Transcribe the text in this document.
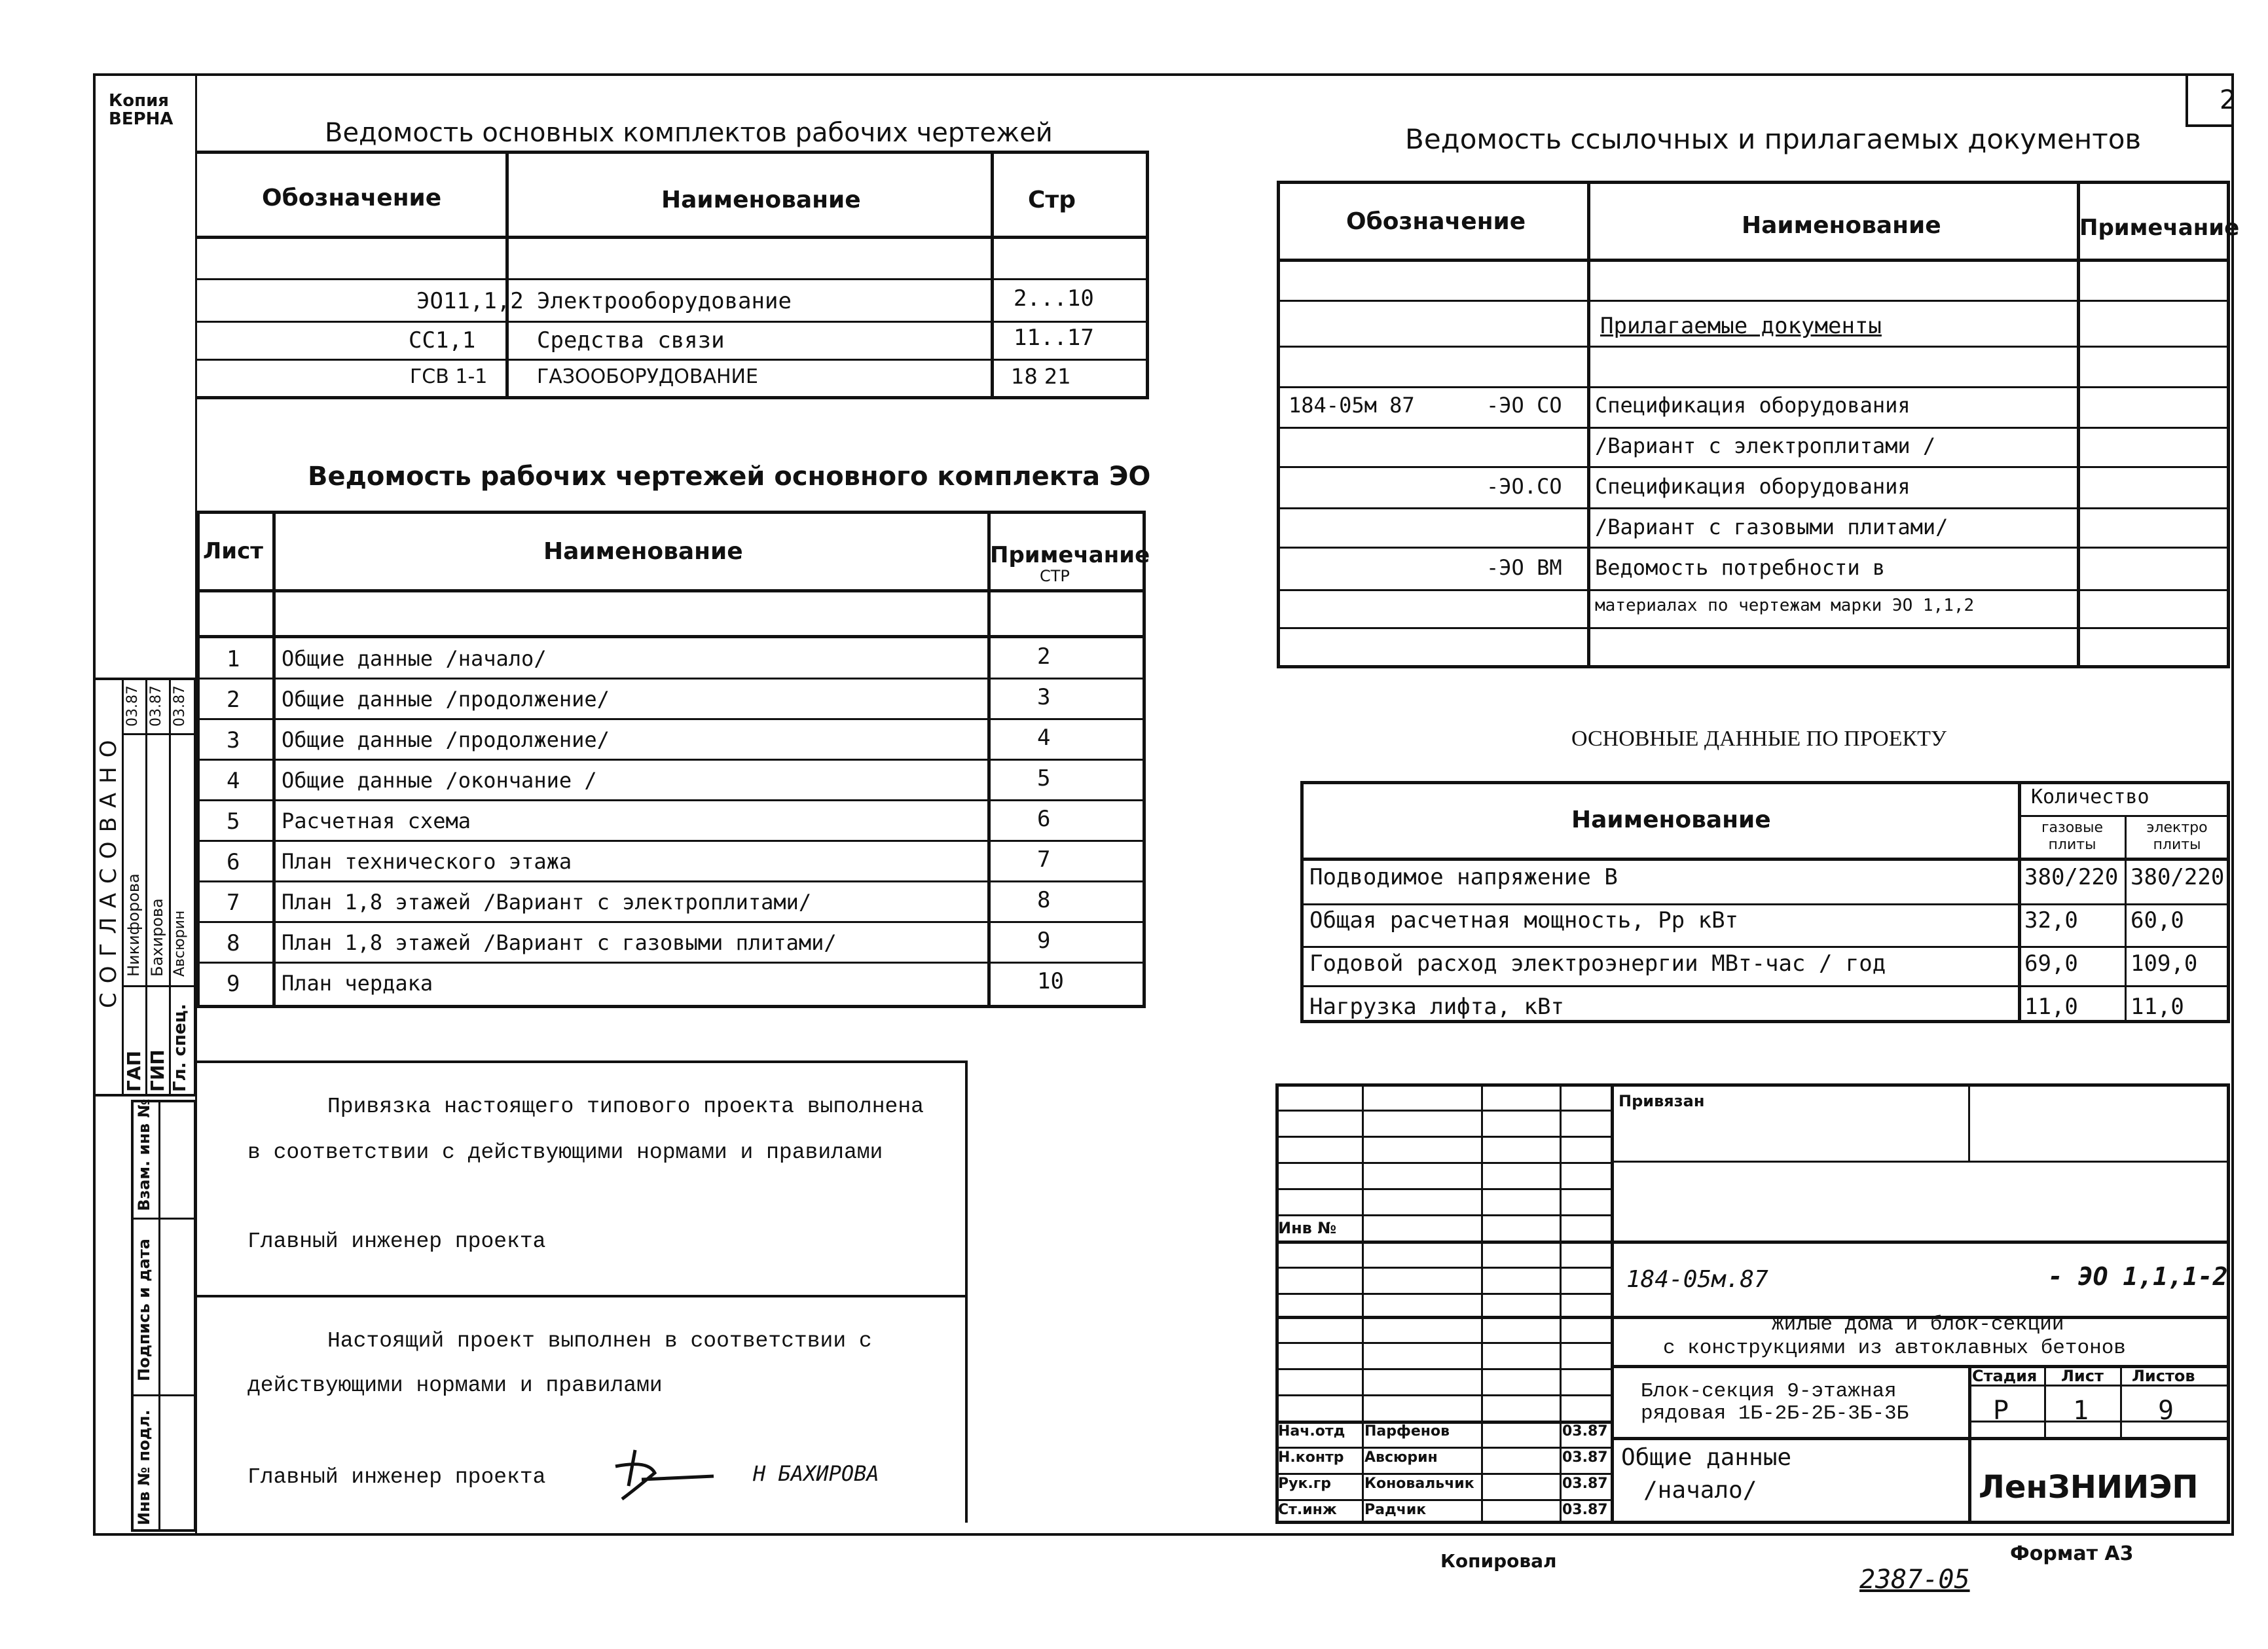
Копия
ВЕРНА
2
Ведомость основных комплектов рабочих чертежей
Обозначение	Наименование	Стр
ЭО11,1,2 Электрооборудование	2...10
СС1,1	Средства связи	11..17
ГСВ 1-1	ГАЗООБОРУДОВАНИЕ	18 21
Ведомость рабочих чертежей основного комплекта ЭО
Лист	Наименование	Примечание
СТР
1 Общие данные /начало/	2
2 Общие данные /продолжение/	3
3 Общие данные /продолжение/	4
4 Общие данные /окончание /	5
5 Расчетная схема	6
6 План технического этажа	7
7 План 1,8 этажей /Вариант с электроплитами/	8
8 План 1,8 этажей /Вариант с газовыми плитами/	9
9 План чердака	10
Ведомость ссылочных и прилагаемых документов
Обозначение	Наименование	Примечание
Прилагаемые документы
184-05м 87	-ЭО СО Спецификация оборудования
/Вариант с электроплитами /
-ЭО.СО Спецификация оборудования
/Вариант с газовыми плитами/
-ЭО ВМ Ведомость потребности в
материалах по чертежам марки ЭО 1,1,2
ОСНОВНЫЕ ДАННЫЕ ПО ПРОЕКТУ
Наименование
Количество
газовые плиты
электро плиты
Подводимое напряжение В	380/220 380/220
Общая расчетная мощность, Рр кВт	32,0 60,0
Годовой расход электроэнергии МВт-час / год	69,0 109,0
Нагрузка лифта, кВт	11,0 11,0
СОГЛАСОВАНО
ГАП ГИП Гл. спец.
Никифорова Бахирова Авсюрин
03.87 03.87 03.87
Инв № подл.
Подпись и дата
Взам. инв №	Привязка настоящего типового проекта выполнена
в соответствии с действующими нормами и правилами
Главный инженер проекта
Настоящий проект выполнен в соответствии с
действующими нормами и правилами
Главный инженер проекта	Н БАХИРОВА
Привязан
Инв №
184-05м.87	- ЭО 1,1,1-2
Жилые дома и блок-секции
с конструкциями из автоклавных бетонов
Блок-секция 9-этажная
рядовая 1Б-2Б-2Б-3Б-3Б
Стадия Лист Листов
Р 1	9
Общие данные
/начало/	ЛенЗНИИЭП
Нач.отд Парфенов	03.87
Н.контр Авсюрин	03.87
Рук.гр Коновальчик	03.87
Ст.инж Радчик	03.87
Копировал	Формат А3
2387-05
